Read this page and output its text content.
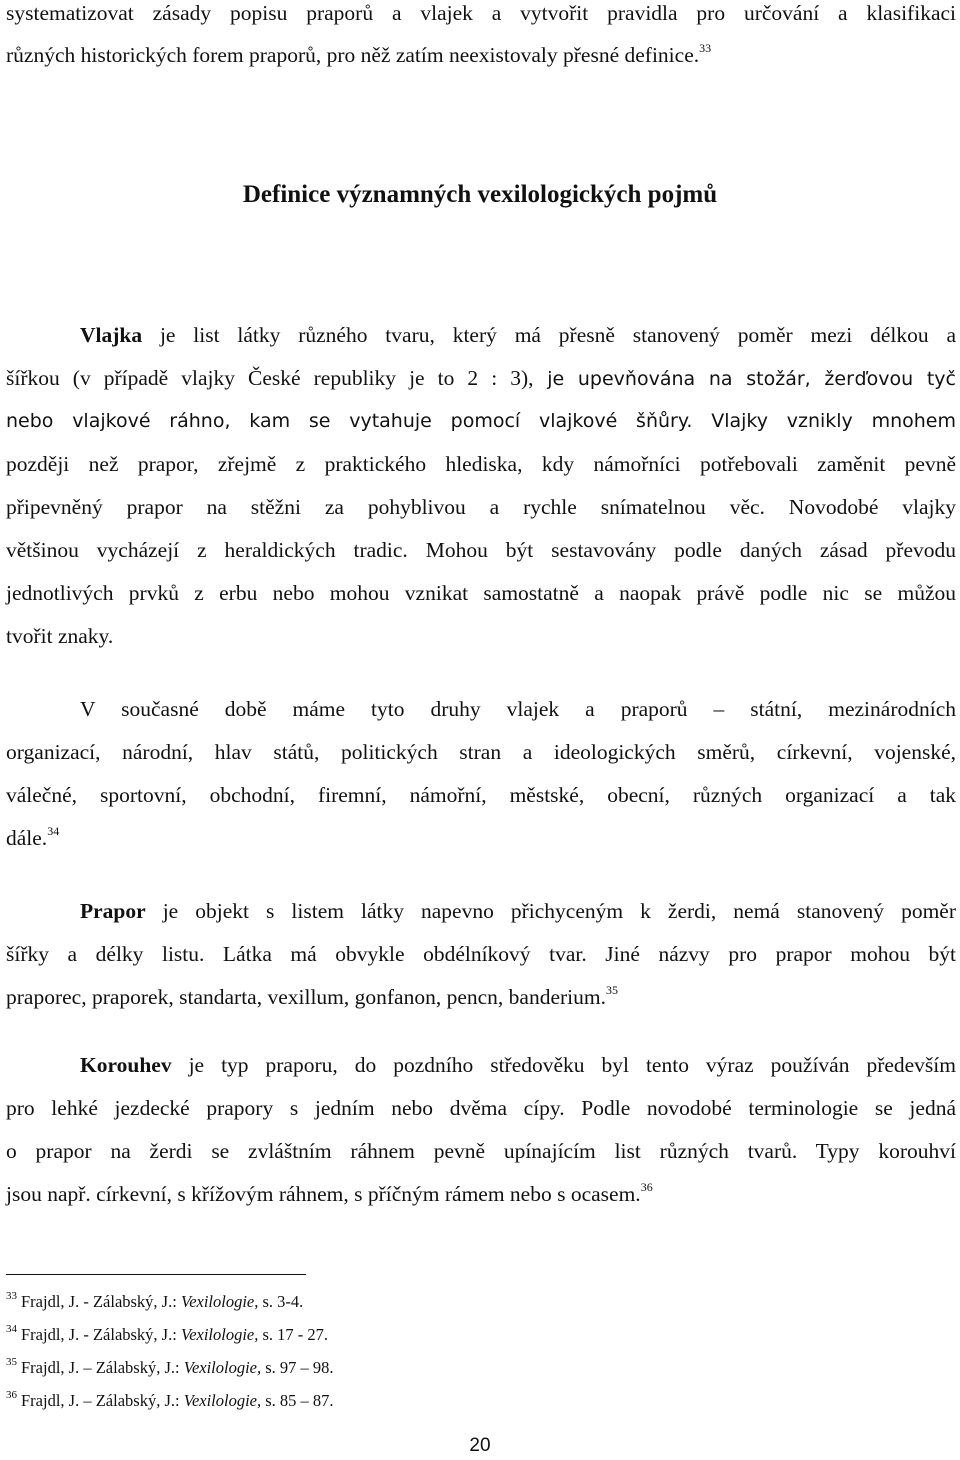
systematizovat zásady popisu praporů a vlajek a vytvořit pravidla pro určování a klasifikaci
různých historických forem praporů, pro něž zatím neexistovaly přesné definice.$^{33}$
Definice významných vexilologických pojmů
Vlajka je list látky různého tvaru, který má přesně stanovený poměr mezi délkou a
šířkou (v případě vlajky České republiky je to 2 : 3), je upevňována na stožár, žerďovou tyč
nebo vlajkové ráhno, kam se vytahuje pomocí vlajkové šňůry. Vlajky vznikly mnohem
později než prapor, zřejmě z praktického hlediska, kdy námořníci potřebovali zaměnit pevně
připevněný prapor na stěžni za pohyblivou a rychle snímatelnou věc. Novodobé vlajky
většinou vycházejí z heraldických tradic. Mohou být sestavovány podle daných zásad převodu
jednotlivých prvků z erbu nebo mohou vznikat samostatně a naopak právě podle nic se můžou
tvořit znaky.
V současné době máme tyto druhy vlajek a praporů – státní, mezinárodních
organizací, národní, hlav států, politických stran a ideologických směrů, církevní, vojenské,
válečné, sportovní, obchodní, firemní, námořní, městské, obecní, různých organizací a tak
dále.$^{34}$
Prapor je objekt s listem látky napevno přichyceným k žerdi, nemá stanovený poměr
šířky a délky listu. Látka má obvykle obdélníkový tvar. Jiné názvy pro prapor mohou být
praporec, praporek, standarta, vexillum, gonfanon, pencn, banderium.$^{35}$
Korouhev je typ praporu, do pozdního středověku byl tento výraz používán především
pro lehké jezdecké prapory s jedním nebo dvěma cípy. Podle novodobé terminologie se jedná
o prapor na žerdi se zvláštním ráhnem pevně upínajícím list různých tvarů. Typy korouhví
jsou např. církevní, s křížovým ráhnem, s příčným rámem nebo s ocasem.$^{36}$
$^{33}$ Frajdl, J. - Zálabský, J.: Vexilologie, s. 3-4.
$^{34}$ Frajdl, J. - Zálabský, J.: Vexilologie, s. 17 - 27.
$^{35}$ Frajdl, J. – Zálabský, J.: Vexilologie, s. 97 – 98.
$^{36}$ Frajdl, J. – Zálabský, J.: Vexilologie, s. 85 – 87.
20
